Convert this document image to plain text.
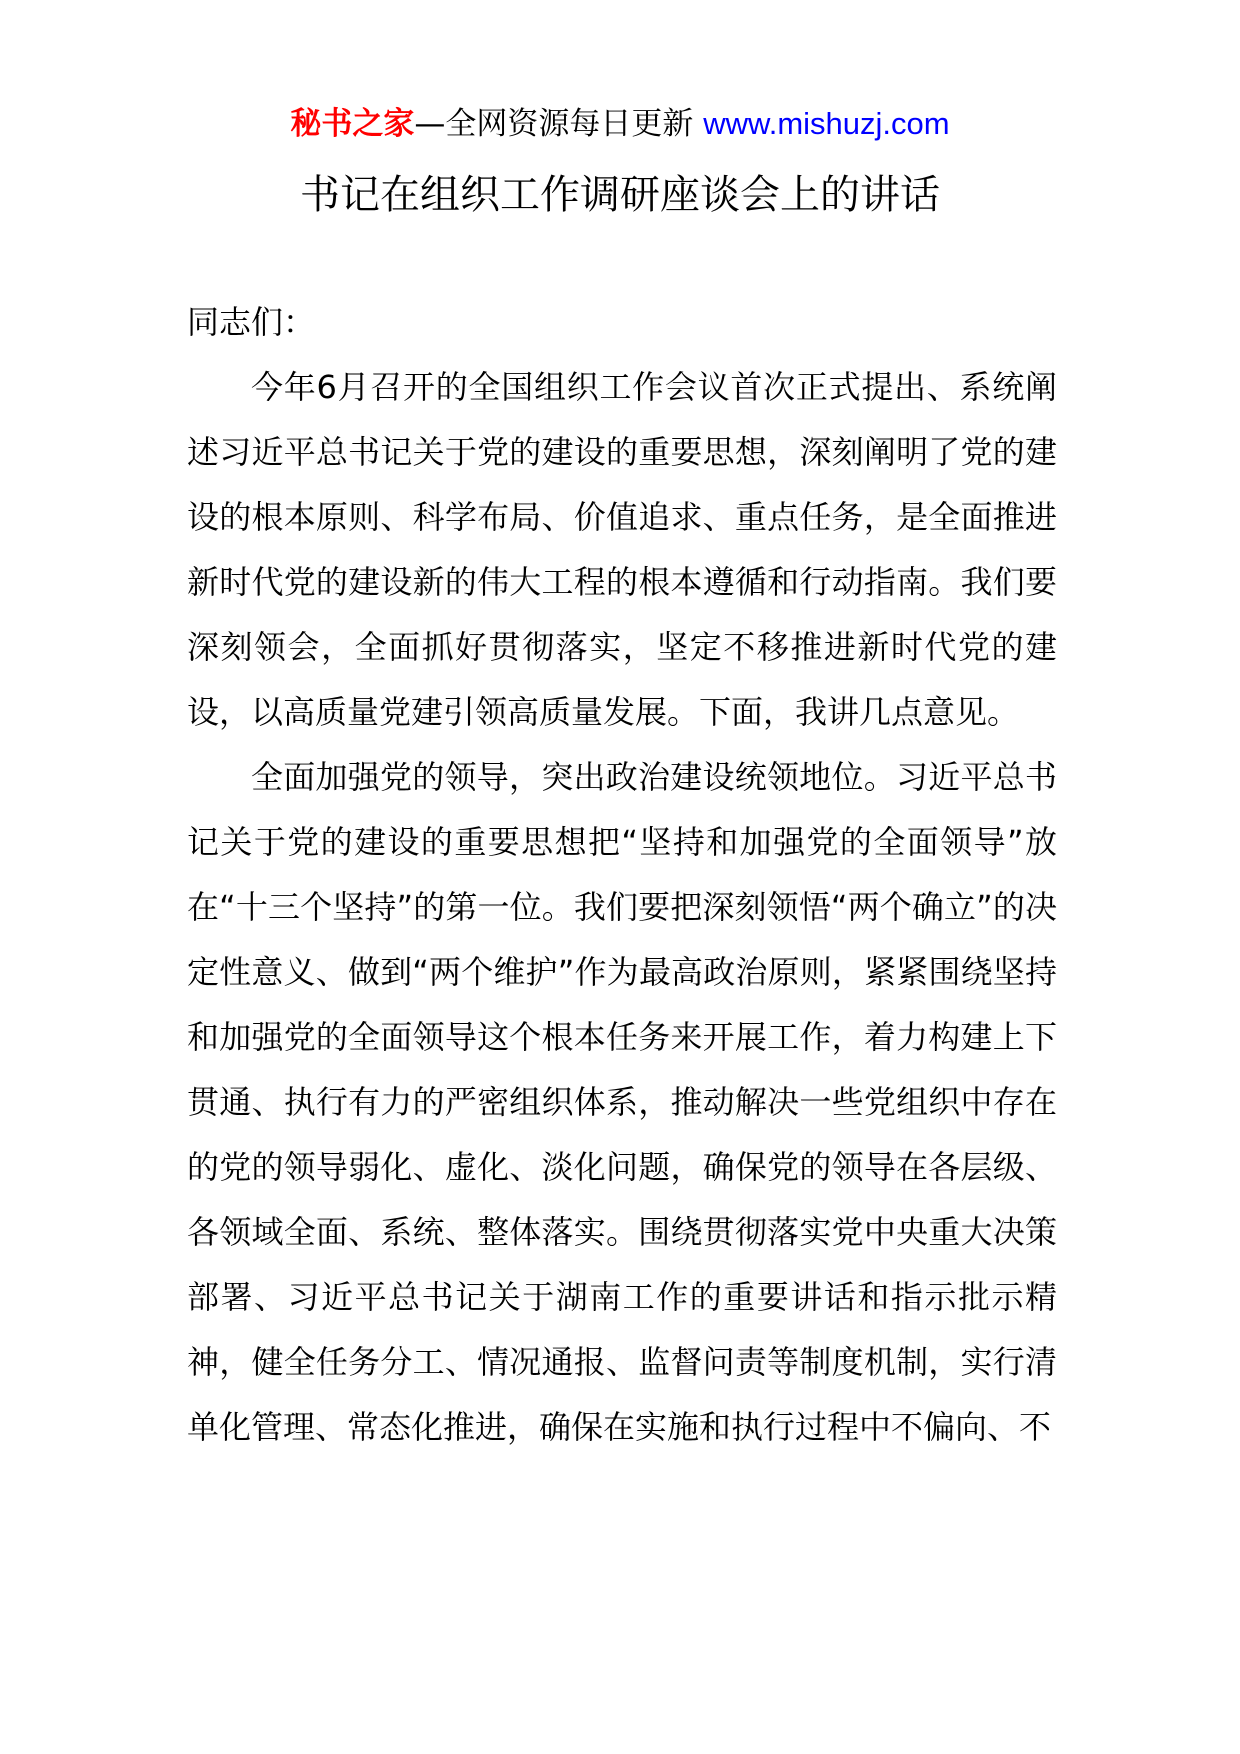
秘书之家—全网资源每日更新 www.mishuzj.com
书记在组织工作调研座谈会上的讲话

同志们：

今年6月召开的全国组织工作会议首次正式提出、系统阐述习近平总书记关于党的建设的重要思想，深刻阐明了党的建设的根本原则、科学布局、价值追求、重点任务，是全面推进新时代党的建设新的伟大工程的根本遵循和行动指南。我们要深刻领会，全面抓好贯彻落实，坚定不移推进新时代党的建设，以高质量党建引领高质量发展。下面，我讲几点意见。

全面加强党的领导，突出政治建设统领地位。习近平总书记关于党的建设的重要思想把“坚持和加强党的全面领导”放在“十三个坚持”的第一位。我们要把深刻领悟“两个确立”的决定性意义、做到“两个维护”作为最高政治原则，紧紧围绕坚持和加强党的全面领导这个根本任务来开展工作，着力构建上下贯通、执行有力的严密组织体系，推动解决一些党组织中存在的党的领导弱化、虚化、淡化问题，确保党的领导在各层级、各领域全面、系统、整体落实。围绕贯彻落实党中央重大决策部署、习近平总书记关于湖南工作的重要讲话和指示批示精神，健全任务分工、情况通报、监督问责等制度机制，实行清单化管理、常态化推进，确保在实施和执行过程中不偏向、不
